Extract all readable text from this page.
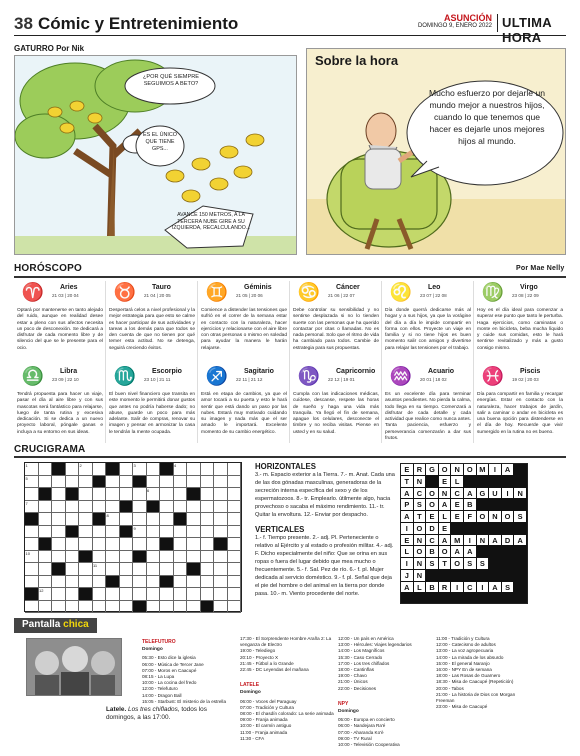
38 Cómic y Entretenimiento	ASUNCIÓN
DOMINGO 9, ENERO 2022 ULTIMA HORA
GATURRO Por Nik
¿POR QUÉ SIEMPRE SEGUIMOS A BETO?
ES EL ÚNICO QUE TIENE GPS...
AVANCE 150 METROS, A LA TERCERA NUBE GIRE A SU IZQUIERDA, RECALCULANDO...
Sobre la hora
Mucho esfuerzo por dejarle un mundo mejor a nuestros hijos, cuando lo que tenemos que hacer es dejarle unos mejores hijos al mundo.
HORÓSCOPO	Por Mae Nelly
♈	Aries
21 03 | 20 04

Optará por mantenerse en tanto alejado del ruido, aunque en realidad desee estar a pleno con sus afectos necesita un poco de desconexión. Se dedicará a disfrutar de cada momento libre y de silencio del que se le presente para el ocio.

♉	Tauro
21 04 | 20 05

Despertará celos a nivel profesional y la mejor estrategia para que esto se calme es hacer participar de sus actividades y tareas a los demás para que todos se den cuenta de que no tienen por qué temer esta actitud. No se detenga, seguirá creciendo éxitos.

♊	Géminis
21 05 | 20 06

Comience a distender las tensiones que sufrió en el correr de la semana estar en contacto con la naturaleza, hacer ejercicios y relacionarse con el aire libre con otras personas o mismo en soledad para ayudar la manera le harán relajarse.

♋	Cáncer
21 06 | 22 07

Debe controlar su sensibilidad y no sentirse desplazada si no lo tienden suerte con las personas que ha querido contactar por citas o llamadas. No es nada personal. Solo que el ritmo de vida ha cambiado para todos. Cambie de estrategia para sus propuestas.

♌	Leo
23 07 | 22 08

Día donde querrá dedicarse más al hogar y a sus hijos, ya que la vorágine del día a día le impide compartir en forma con ellos. Proyecte un viaje en familia y si no tiene hijos es buen momento salir con amigos y divertirse para relajar las tensiones por el trabajo.

♍	Virgo
23 08 | 22 09

Hoy es el día ideal para comenzar a superar ese punto que tanto le perturba. Haga ejercicios, como caminatas o monte en bicicleta, beba mucha líquido y cuide sus comidas, esto le hará sentirse revitalizado y más a gusto consigo mismo.

♎	Libra
23 09 | 22 10

Tendrá propuesta para hacer un viaje, pasar el día al aire libre y con sus mascotas será fantástico para relajarse, luego de tanta rutina y excesiva dedicación. Si se dedica a un nuevo proyecto laboral, póngale ganas e incluya a su entorno en sus ideas.

♏	Escorpio
23 10 | 21 11

El buen nivel financiero que transita en este momento le permitirá donar gustos que antes no podría haberse dado; no abuse, guarde un poco para más adelante. Salir de compras, renovar su imagen y pensar en armonizar la casa le tendrán la mente ocupada.

♐	Sagitario
22 11 | 21 12

Está en etapa de cambios, ya que el amor tocará a su puerta y esto le hará sentir que está dando un paso por las nubes. Estará muy motivado cuidando su imagen y nada más que el ser amado le importará. Excelente momento de su cambio energético.

♑	Capricornio
22 12 | 19 01

Cumpla con las indicaciones médicas, cuídese, descanse, respete las horas de sueño y haga una vida más tranquila. Ya llegó el fin de semana, apague los celulares, desconecte el timbre y no reciba visitas. Piense en usted y en su salud.

♒	Acuario
20 01 | 18 02

Es un excelente día para terminar asuntos pendientes. No pierda la calma, todo llega en su tiempo. Comenzará a disfrutar de cada detalle y cada actividad que realice como nunca antes. Tanta paciencia, esfuerzo y perseverancia comenzarán a dar sus frutos.

♓	Piscis
19 02 | 20 03

Día para compartir en familia y recargar energías. Estar en contacto con la naturaleza, hacer trabajos de jardín, salir a caminar o andar en bicicleta es una buena opción para distenderse en el día de hoy. Recuerde que vivir sumergido en la rutina no es bueno.

CRUCIGRAMA
1	2	3	4
5
6
7
8
9
10
11
12
HORIZONTALES

3.- m. Espacio exterior a la Tierra. 7.- m. Anat. Cada una de las dos gónadas masculinas, generadoras de la secreción interna específica del sexo y de los espermatozoos. 8.- tr. Emplearlo. útilmente algo, hacia provechoso o sacaba el máximo rendimiento. 11.- tr. Quitar la envoltura. 12.- Enviar por despacho.

VERTICALES

1.- f. Tiempo presente. 2.- adj. Pl. Perteneciente o relativo al Ejército y al estado o profesión militar. 4.- adj. F. Dicho especialmente del niño: Que se orina en sus ropas o fuera del lugar debido que mea mucho o frecuentemente. 5.- f. Sal. Pez de río. 6.- f. pl. Mujer dedicada al servicio doméstico. 9.- f. pl. Señal que deja el pie del hombre o del animal en la tierra por donde pasa. 10.- m. Viento procedente del norte.

E	R G O N O M	I	A
T	N	E	L
A C O N C A G U	I	N
P	S O A	E	B
A	T	E	L	E	F	O N O S
I	O D	E
E	N C A M	I	N A D A
L	O B O A A
I	N	S	T	O S	S
J	N
A	L	B R	I	C	I	A	S
Pantalla chica

Latele. Los tres chiflados, todos los domingos, a las 17:00.

TELEFUTURO
Domingo
05:30 - Esto dice la iglesia
06:00 - Música de Tercer Jane
07:00 - Moros en Caacupé
08:15 - La Lupa
10:00 - La cocina del fredo
12:00 - Telefuturo
14:00 - Dragon Ball
15:05 - Starbust: El misterio de la estrella
17:30 - El Sorprendente Hombre Araña 2: La venganza de Electro
19:00 - Telediego
20:10 - Proyecto X
21:45 - Fútbol a lo Grande
22:45 - DC Leyendas del mañana
LATELE
Domingo
06:00 - Voces del Paraguay
07:00 - Tradición y Cultura
08:00 - El chasdín colorado: La serie animada
09:00 - Franja animada
10:00 - El carmín antiguo
11:00 - Franja animada
11:30 - CFA
12:00 - Un país en América
13:00 - Hércules: Viajes legendarios
14:00 - Los Magníficos
15:30 - Caso Cerrado
17:00 - Los tres chiflados
18:00 - Cantinflas
19:00 - Chavo
21:00 - Únicos
22:00 - Decisiones
NPY
Domingo
05:00 - Europa en concierto
06:00 - Nandejara Ra'é
07:00 - Aharanda Ko'è
09:00 - TV Rural
10:00 - Televisión Cooperativa
11:00 - Tradición y Cultura
12:00 - Catecismo de adultos
13:00 - La voz agropecuaria
14:00 - La mirada de los absurdo
15:00 - El general Naranjo
16:00 - NPY En de semana
18:00 - Las Rosas de Guarnero
18:30 - Misa de Caacupé (Repetición)
20:00 - Tabos
21:00 - La historia de Dios con Morgan Freeman
23:00 - Misa de Caacupé
